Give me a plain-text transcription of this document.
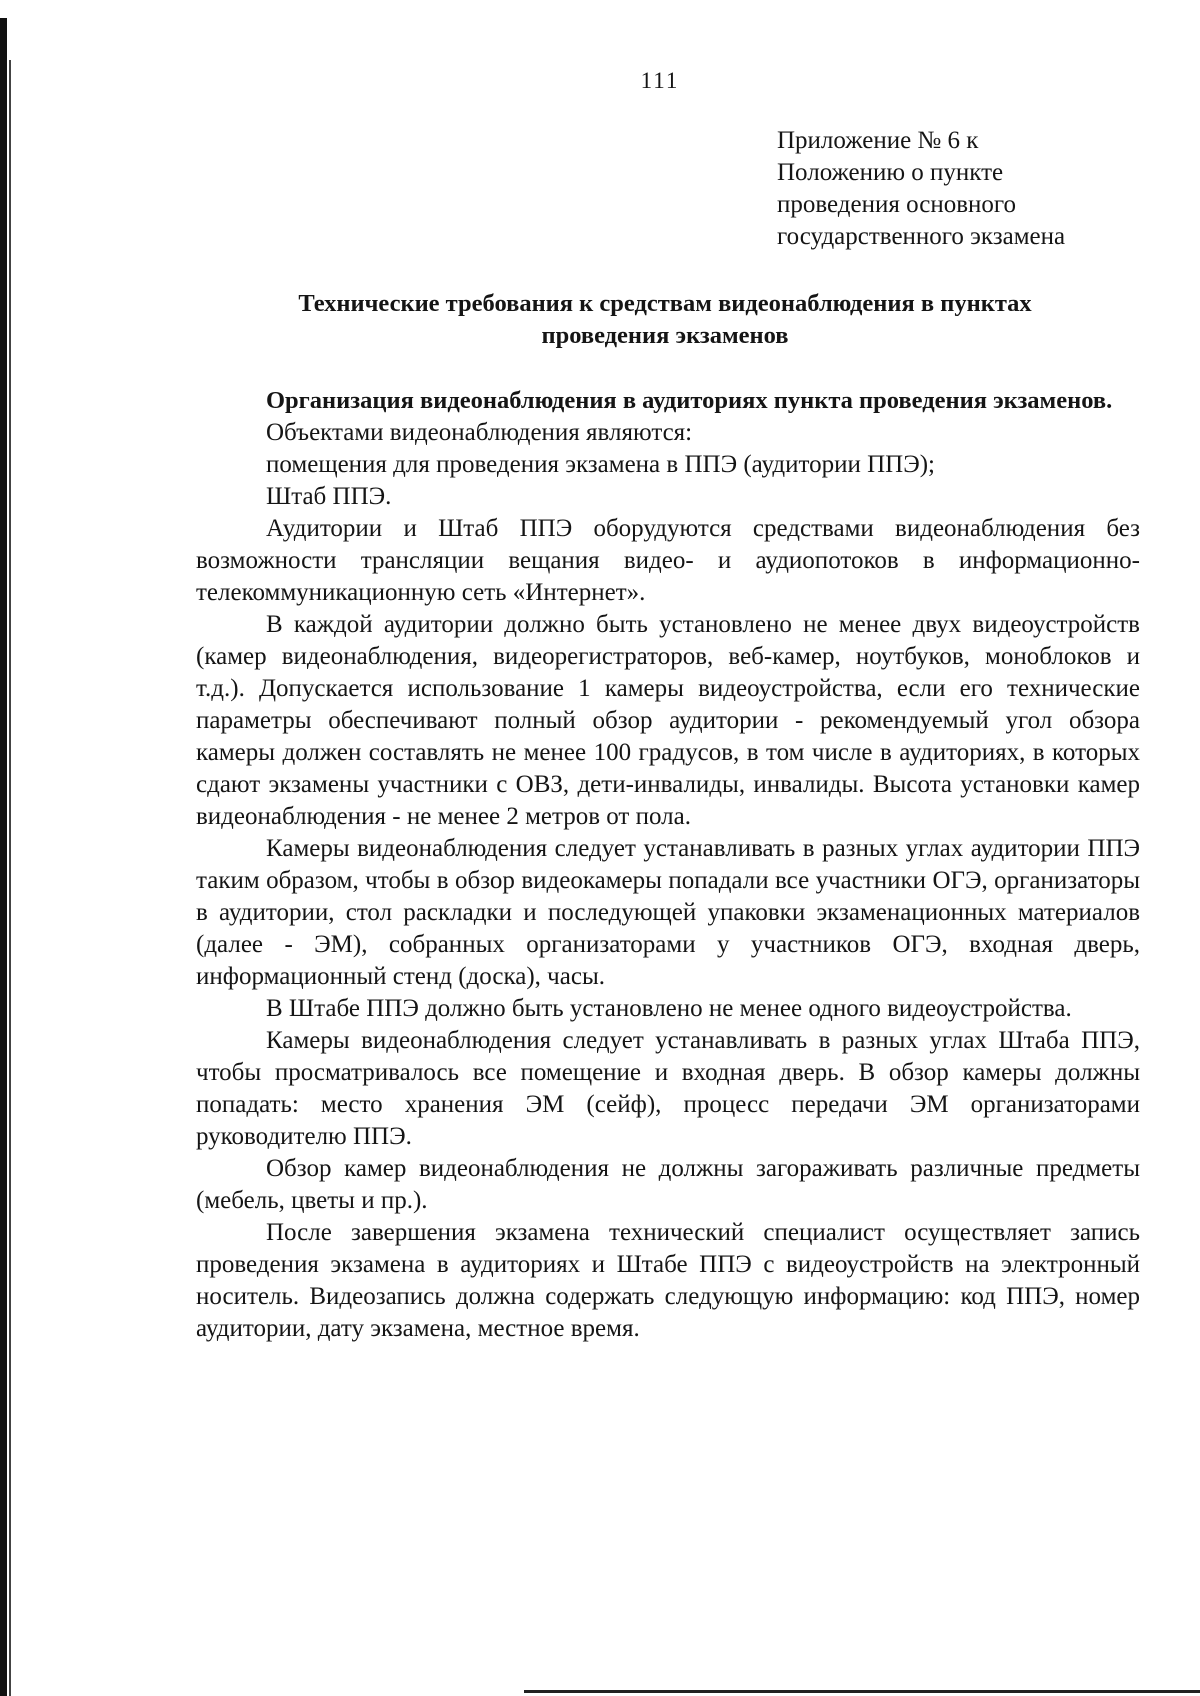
111
Приложение № 6 к
Положению о пункте
проведения основного
государственного экзамена
Технические требования к средствам видеонаблюдения в пунктах
проведения экзаменов

Организация видеонаблюдения в аудиториях пункта проведения экзаменов.

Объектами видеонаблюдения являются:

помещения для проведения экзамена в ППЭ (аудитории ППЭ);

Штаб ППЭ.

Аудитории и Штаб ППЭ оборудуются средствами видеонаблюдения без возможности трансляции вещания видео- и аудиопотоков в информационно-телекоммуникационную сеть «Интернет».

В каждой аудитории должно быть установлено не менее двух видеоустройств (камер видеонаблюдения, видеорегистраторов, веб-камер, ноутбуков, моноблоков и т.д.). Допускается использование 1 камеры видеоустройства, если его технические параметры обеспечивают полный обзор аудитории - рекомендуемый угол обзора камеры должен составлять не менее 100 градусов, в том числе в аудиториях, в которых сдают экзамены участники с ОВЗ, дети-инвалиды, инвалиды. Высота установки камер видеонаблюдения - не менее 2 метров от пола.

Камеры видеонаблюдения следует устанавливать в разных углах аудитории ППЭ таким образом, чтобы в обзор видеокамеры попадали все участники ОГЭ, организаторы в аудитории, стол раскладки и последующей упаковки экзаменационных материалов (далее - ЭМ), собранных организаторами у участников ОГЭ, входная дверь, информационный стенд (доска), часы.

В Штабе ППЭ должно быть установлено не менее одного видеоустройства.

Камеры видеонаблюдения следует устанавливать в разных углах Штаба ППЭ, чтобы просматривалось все помещение и входная дверь. В обзор камеры должны попадать: место хранения ЭМ (сейф), процесс передачи ЭМ организаторами руководителю ППЭ.

Обзор камер видеонаблюдения не должны загораживать различные предметы (мебель, цветы и пр.).

После завершения экзамена технический специалист осуществляет запись проведения экзамена в аудиториях и Штабе ППЭ с видеоустройств на электронный носитель. Видеозапись должна содержать следующую информацию: код ППЭ, номер аудитории, дату экзамена, местное время.
